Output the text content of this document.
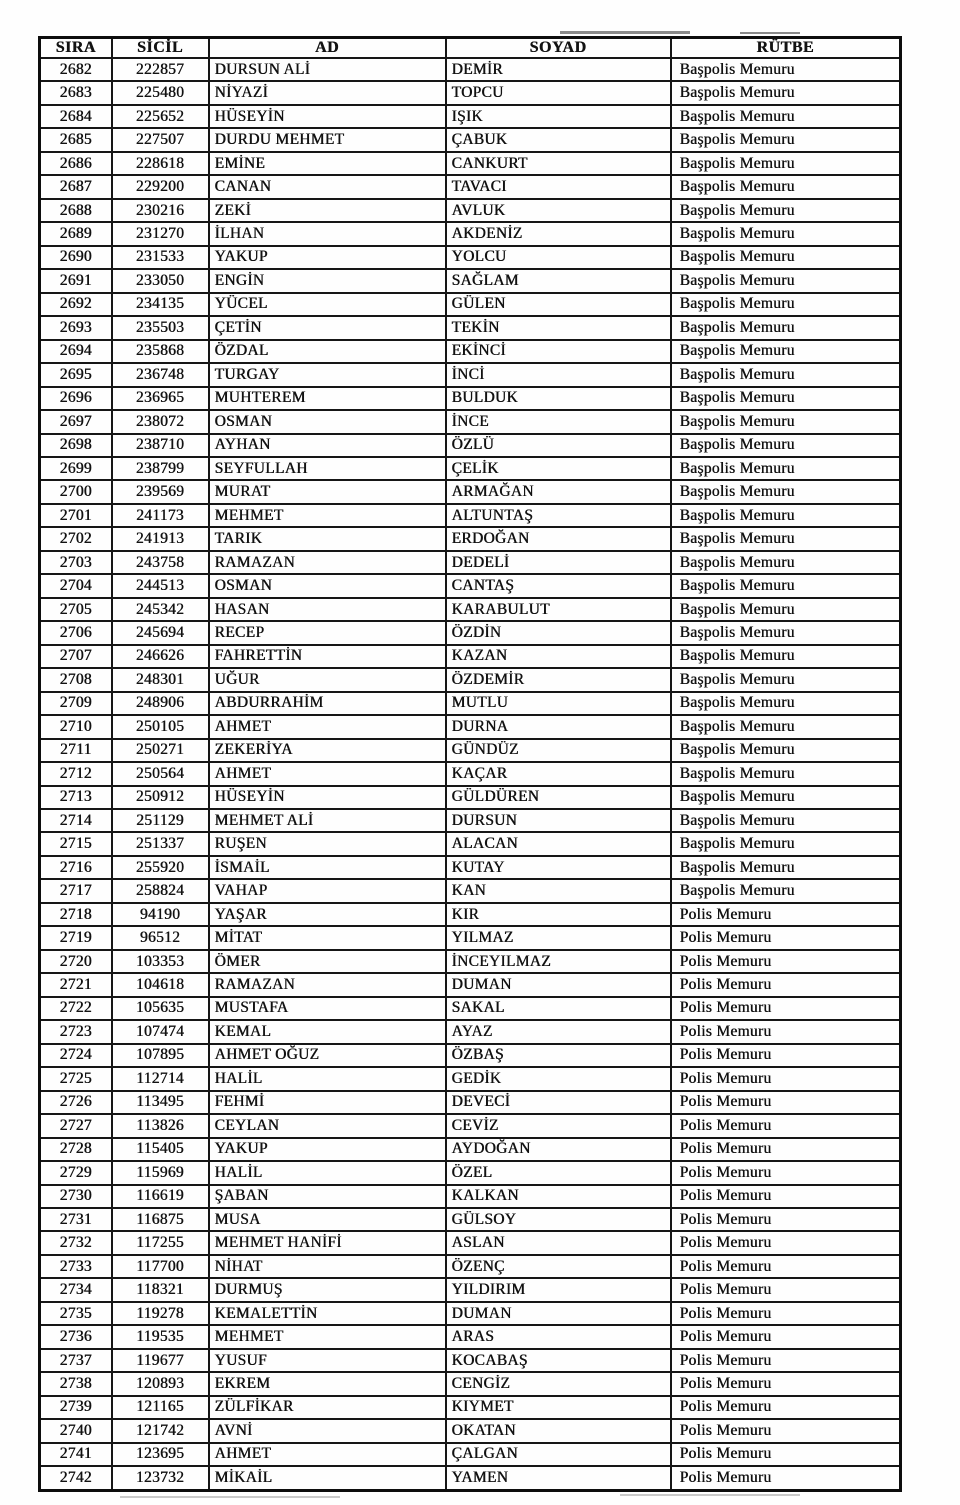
SIRA	SİCİL	AD	SOYAD	RÜTBE
2682	222857	DURSUN ALİ	DEMİR	Başpolis Memuru
2683	225480	NİYAZİ	TOPCU	Başpolis Memuru
2684	225652	HÜSEYİN	IŞIK	Başpolis Memuru
2685	227507	DURDU MEHMET	ÇABUK	Başpolis Memuru
2686	228618	EMİNE	CANKURT	Başpolis Memuru
2687	229200	CANAN	TAVACI	Başpolis Memuru
2688	230216	ZEKİ	AVLUK	Başpolis Memuru
2689	231270	İLHAN	AKDENİZ	Başpolis Memuru
2690	231533	YAKUP	YOLCU	Başpolis Memuru
2691	233050	ENGİN	SAĞLAM	Başpolis Memuru
2692	234135	YÜCEL	GÜLEN	Başpolis Memuru
2693	235503	ÇETİN	TEKİN	Başpolis Memuru
2694	235868	ÖZDAL	EKİNCİ	Başpolis Memuru
2695	236748	TURGAY	İNCİ	Başpolis Memuru
2696	236965	MUHTEREM	BULDUK	Başpolis Memuru
2697	238072	OSMAN	İNCE	Başpolis Memuru
2698	238710	AYHAN	ÖZLÜ	Başpolis Memuru
2699	238799	SEYFULLAH	ÇELİK	Başpolis Memuru
2700	239569	MURAT	ARMAĞAN	Başpolis Memuru
2701	241173	MEHMET	ALTUNTAŞ	Başpolis Memuru
2702	241913	TARIK	ERDOĞAN	Başpolis Memuru
2703	243758	RAMAZAN	DEDELİ	Başpolis Memuru
2704	244513	OSMAN	CANTAŞ	Başpolis Memuru
2705	245342	HASAN	KARABULUT	Başpolis Memuru
2706	245694	RECEP	ÖZDİN	Başpolis Memuru
2707	246626	FAHRETTİN	KAZAN	Başpolis Memuru
2708	248301	UĞUR	ÖZDEMİR	Başpolis Memuru
2709	248906	ABDURRAHİM	MUTLU	Başpolis Memuru
2710	250105	AHMET	DURNA	Başpolis Memuru
2711	250271	ZEKERİYA	GÜNDÜZ	Başpolis Memuru
2712	250564	AHMET	KAÇAR	Başpolis Memuru
2713	250912	HÜSEYİN	GÜLDÜREN	Başpolis Memuru
2714	251129	MEHMET ALİ	DURSUN	Başpolis Memuru
2715	251337	RUŞEN	ALACAN	Başpolis Memuru
2716	255920	İSMAİL	KUTAY	Başpolis Memuru
2717	258824	VAHAP	KAN	Başpolis Memuru
2718	94190	YAŞAR	KIR	Polis Memuru
2719	96512	MİTAT	YILMAZ	Polis Memuru
2720	103353	ÖMER	İNCEYILMAZ	Polis Memuru
2721	104618	RAMAZAN	DUMAN	Polis Memuru
2722	105635	MUSTAFA	SAKAL	Polis Memuru
2723	107474	KEMAL	AYAZ	Polis Memuru
2724	107895	AHMET OĞUZ	ÖZBAŞ	Polis Memuru
2725	112714	HALİL	GEDİK	Polis Memuru
2726	113495	FEHMİ	DEVECİ	Polis Memuru
2727	113826	CEYLAN	CEVİZ	Polis Memuru
2728	115405	YAKUP	AYDOĞAN	Polis Memuru
2729	115969	HALİL	ÖZEL	Polis Memuru
2730	116619	ŞABAN	KALKAN	Polis Memuru
2731	116875	MUSA	GÜLSOY	Polis Memuru
2732	117255	MEHMET HANİFİ	ASLAN	Polis Memuru
2733	117700	NİHAT	ÖZENÇ	Polis Memuru
2734	118321	DURMUŞ	YILDIRIM	Polis Memuru
2735	119278	KEMALETTİN	DUMAN	Polis Memuru
2736	119535	MEHMET	ARAS	Polis Memuru
2737	119677	YUSUF	KOCABAŞ	Polis Memuru
2738	120893	EKREM	CENGİZ	Polis Memuru
2739	121165	ZÜLFİKAR	KIYMET	Polis Memuru
2740	121742	AVNİ	OKATAN	Polis Memuru
2741	123695	AHMET	ÇALGAN	Polis Memuru
2742	123732	MİKAİL	YAMEN	Polis Memuru
